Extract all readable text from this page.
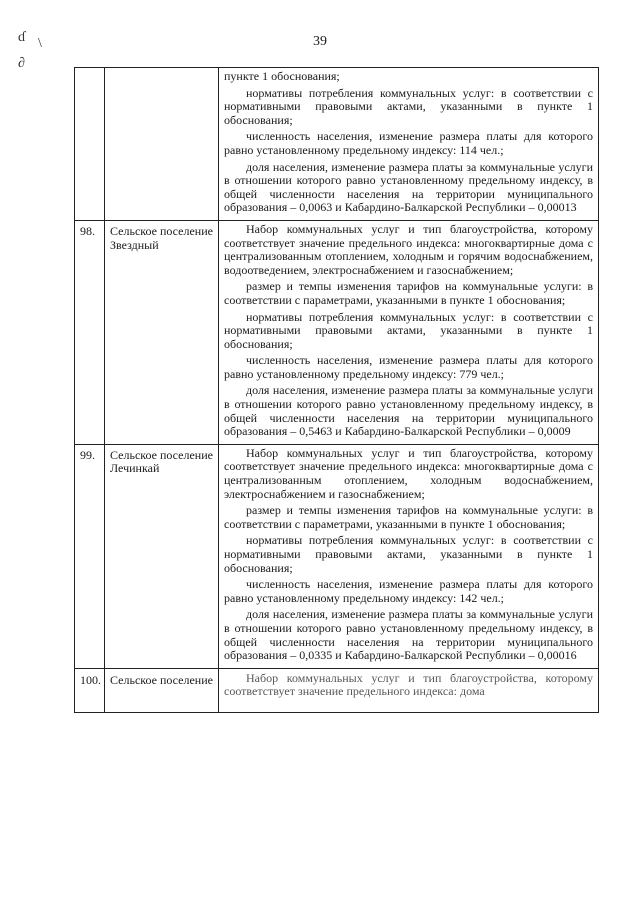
ɗ \
∂
39

		пункте 1 обоснования;

нормативы потребления коммунальных услуг: в соответствии с нормативными правовыми актами, указанными в пункте 1 обоснования;

численность населения, изменение размера платы для которого равно установленному предельному индексу: 114 чел.;

доля населения, изменение размера платы за коммунальные услуги в отношении которого равно установленному предельному индексу, в общей численности населения на территории муниципального образования – 0,0063 и Кабардино-Балкарской Республики – 0,00013

98.	Сельское поселение Звездный	Набор коммунальных услуг и тип благоустройства, которому соответствует значение предельного индекса: многоквартирные дома с централизованным отоплением, холодным и горячим водоснабжением, водоотведением, электроснабжением и газоснабжением;

размер и темпы изменения тарифов на коммунальные услуги: в соответствии с параметрами, указанными в пункте 1 обоснования;

нормативы потребления коммунальных услуг: в соответствии с нормативными правовыми актами, указанными в пункте 1 обоснования;

численность населения, изменение размера платы для которого равно установленному предельному индексу: 779 чел.;

доля населения, изменение размера платы за коммунальные услуги в отношении которого равно установленному предельному индексу, в общей численности населения на территории муниципального образования – 0,5463 и Кабардино-Балкарской Республики – 0,0009

99.	Сельское поселение Лечинкай	Набор коммунальных услуг и тип благоустройства, которому соответствует значение предельного индекса: многоквартирные дома с централизованным отоплением, холодным водоснабжением, электроснабжением и газоснабжением;

размер и темпы изменения тарифов на коммунальные услуги: в соответствии с параметрами, указанными в пункте 1 обоснования;

нормативы потребления коммунальных услуг: в соответствии с нормативными правовыми актами, указанными в пункте 1 обоснования;

численность населения, изменение размера платы для которого равно установленному предельному индексу: 142 чел.;

доля населения, изменение размера платы за коммунальные услуги в отношении которого равно установленному предельному индексу, в общей численности населения на территории муниципального образования – 0,0335 и Кабардино-Балкарской Республики – 0,00016

100.	Сельское поселение	Набор коммунальных услуг и тип благоустройства, которому соответствует значение предельного индекса: дома
